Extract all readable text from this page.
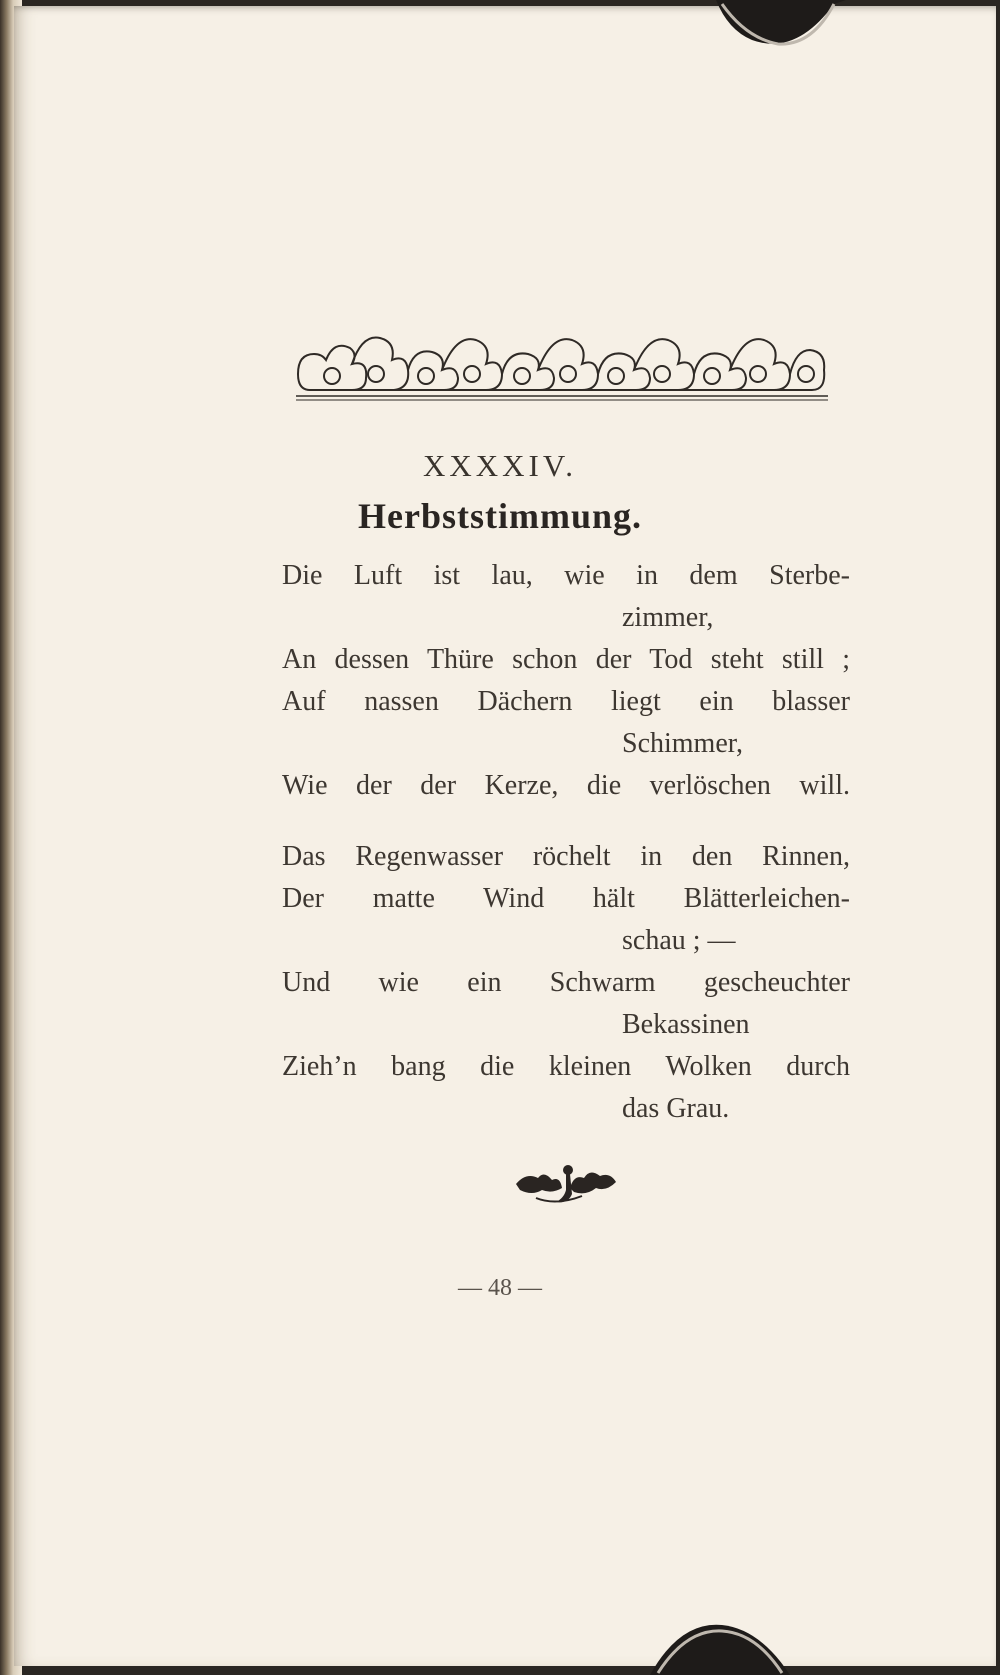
XXXXIV.
Herbststimmung.
Die Luft ist lau, wie in dem Sterbe-
zimmer,
An dessen Thüre schon der Tod steht still ;
Auf nassen Dächern liegt ein blasser
Schimmer,
Wie der der Kerze, die verlöschen will.
Das Regenwasser röchelt in den Rinnen,
Der matte Wind hält Blätterleichen-
schau ; —
Und wie ein Schwarm gescheuchter
Bekassinen
Zieh’n bang die kleinen Wolken durch
das Grau.
— 48 —
